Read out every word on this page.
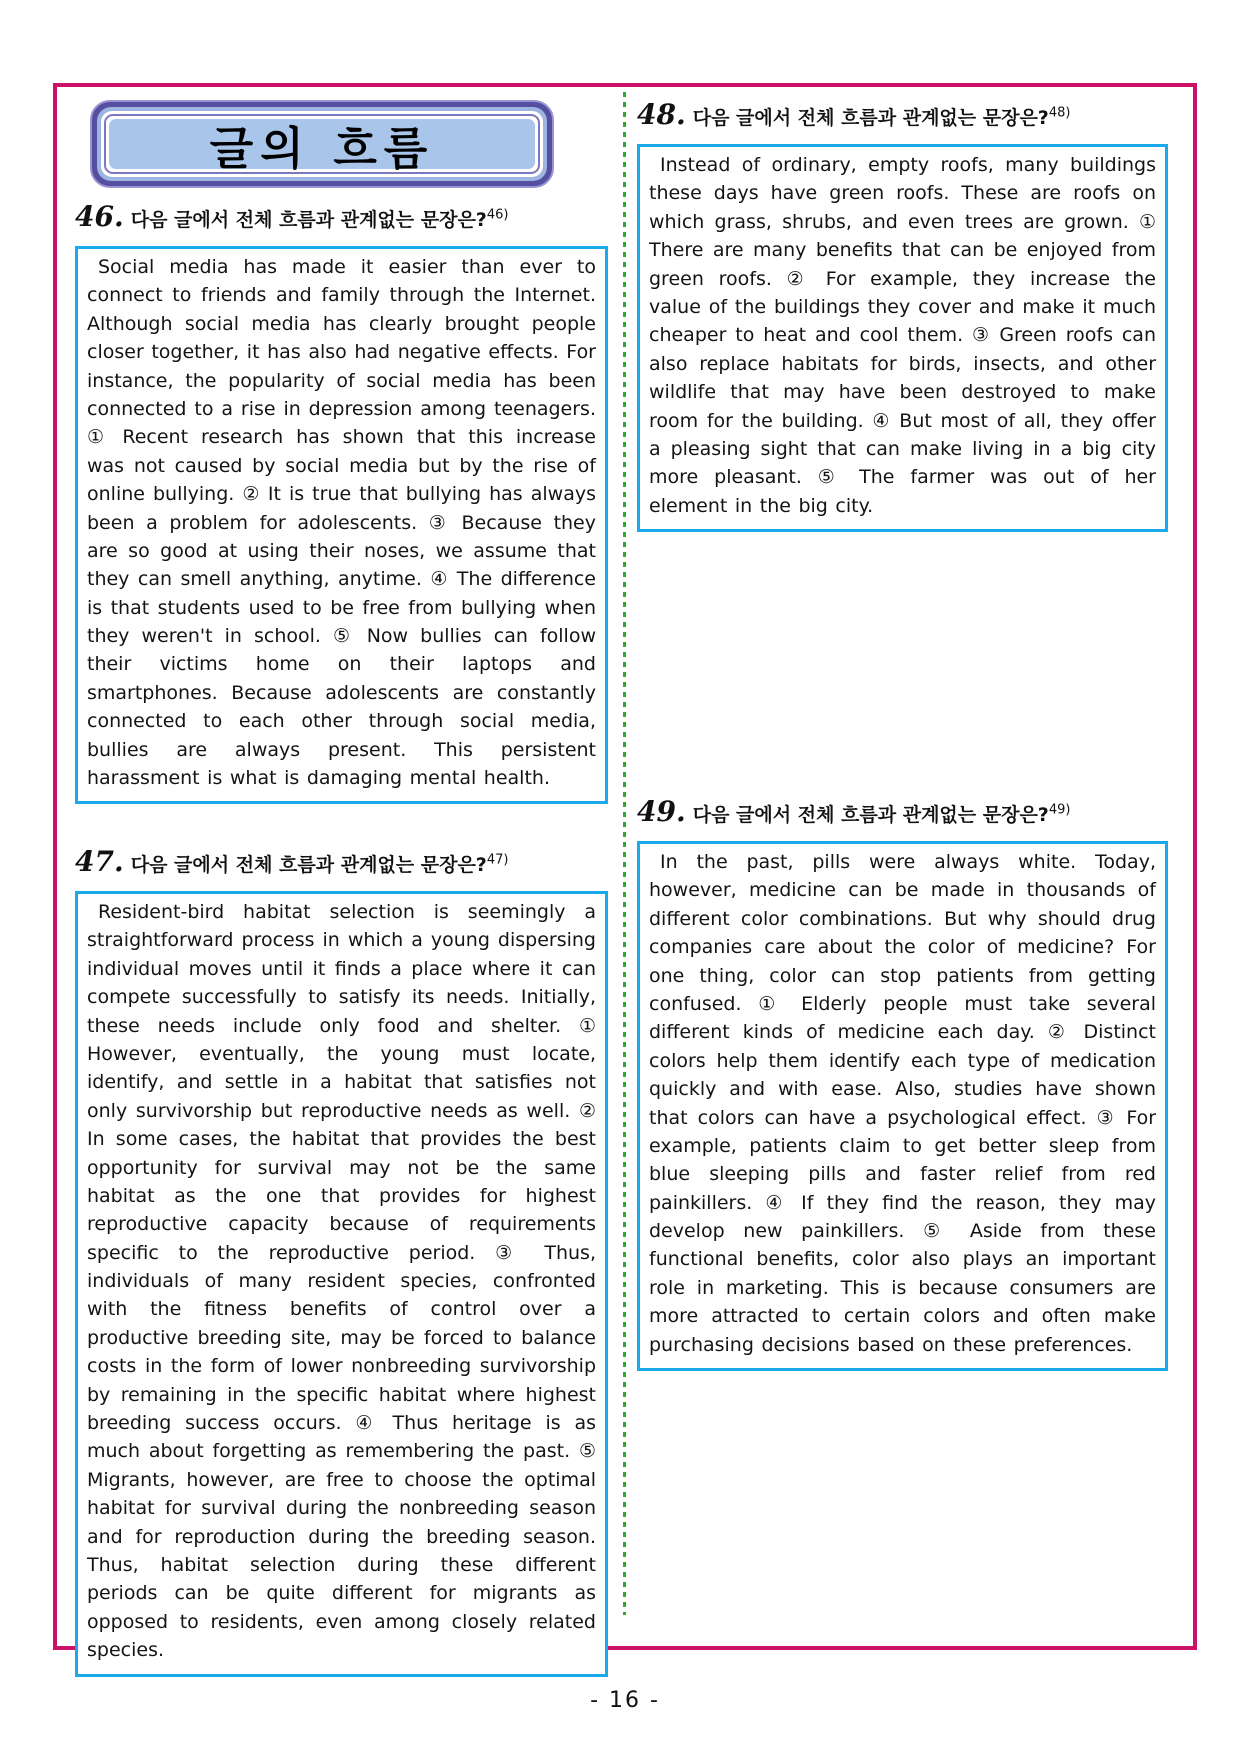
글의 흐름
46. 다음 글에서 전체 흐름과 관계없는 문장은?$^{46)}$

Social media has made it easier than ever to connect to friends and family through the Internet. Although social media has clearly brought people closer together, it has also had negative effects. For instance, the popularity of social media has been connected to a rise in depression among teenagers. ① Recent research has shown that this increase was not caused by social media but by the rise of online bullying. ② It is true that bullying has always been a problem for adolescents. ③ Because they are so good at using their noses, we assume that they can smell anything, anytime. ④ The difference is that students used to be free from bullying when they weren't in school. ⑤ Now bullies can follow their victims home on their laptops and smartphones. Because adolescents are constantly connected to each other through social media, bullies are always present. This persistent harassment is what is damaging mental health.

47. 다음 글에서 전체 흐름과 관계없는 문장은?$^{47)}$

Resident-bird habitat selection is seemingly a straightforward process in which a young dispersing individual moves until it finds a place where it can compete successfully to satisfy its needs. Initially, these needs include only food and shelter. ① However, eventually, the young must locate, identify, and settle in a habitat that satisfies not only survivorship but reproductive needs as well. ② In some cases, the habitat that provides the best opportunity for survival may not be the same habitat as the one that provides for highest reproductive capacity because of requirements specific to the reproductive period. ③ Thus, individuals of many resident species, confronted with the fitness benefits of control over a productive breeding site, may be forced to balance costs in the form of lower nonbreeding survivorship by remaining in the specific habitat where highest breeding success occurs. ④ Thus heritage is as much about forgetting as remembering the past. ⑤ Migrants, however, are free to choose the optimal habitat for survival during the nonbreeding season and for reproduction during the breeding season. Thus, habitat selection during these different periods can be quite different for migrants as opposed to residents, even among closely related species.

48. 다음 글에서 전체 흐름과 관계없는 문장은?$^{48)}$

Instead of ordinary, empty roofs, many buildings these days have green roofs. These are roofs on which grass, shrubs, and even trees are grown. ① There are many benefits that can be enjoyed from green roofs. ② For example, they increase the value of the buildings they cover and make it much cheaper to heat and cool them. ③ Green roofs can also replace habitats for birds, insects, and other wildlife that may have been destroyed to make room for the building. ④ But most of all, they offer a pleasing sight that can make living in a big city more pleasant. ⑤ The farmer was out of her element in the big city.

49. 다음 글에서 전체 흐름과 관계없는 문장은?$^{49)}$

In the past, pills were always white. Today, however, medicine can be made in thousands of different color combinations. But why should drug companies care about the color of medicine? For one thing, color can stop patients from getting confused. ① Elderly people must take several different kinds of medicine each day. ② Distinct colors help them identify each type of medication quickly and with ease. Also, studies have shown that colors can have a psychological effect. ③ For example, patients claim to get better sleep from blue sleeping pills and faster relief from red painkillers. ④ If they find the reason, they may develop new painkillers. ⑤ Aside from these functional benefits, color also plays an important role in marketing. This is because consumers are more attracted to certain colors and often make purchasing decisions based on these preferences.

- 16 -
